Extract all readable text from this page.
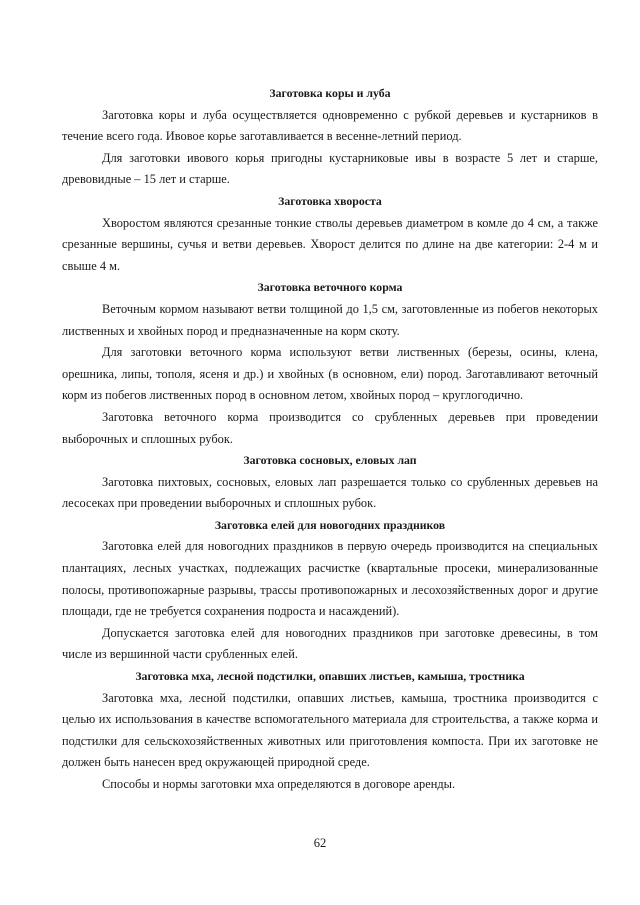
Заготовка коры и луба

Заготовка коры и луба осуществляется одновременно с рубкой деревьев и кустарников в течение всего года. Ивовое корье заготавливается в весенне-летний период.

Для заготовки ивового корья пригодны кустарниковые ивы в возрасте 5 лет и старше, древовидные – 15 лет и старше.

Заготовка хвороста

Хворостом являются срезанные тонкие стволы деревьев диаметром в комле до 4 см, а также срезанные вершины, сучья и ветви деревьев. Хворост делится по длине на две категории: 2-4 м и свыше 4 м.

Заготовка веточного корма

Веточным кормом называют ветви толщиной до 1,5 см, заготовленные из побегов некоторых лиственных и хвойных пород и предназначенные на корм скоту.

Для заготовки веточного корма используют ветви лиственных (березы, осины, клена, орешника, липы, тополя, ясеня и др.) и хвойных (в основном, ели) пород. Заготавливают веточный корм из побегов лиственных пород в основном летом, хвойных пород – круглогодично.

Заготовка веточного корма производится со срубленных деревьев при проведении выборочных и сплошных рубок.

Заготовка сосновых, еловых лап

Заготовка пихтовых, сосновых, еловых лап разрешается только со срубленных деревьев на лесосеках при проведении выборочных и сплошных рубок.

Заготовка елей для новогодних праздников

Заготовка елей для новогодних праздников в первую очередь производится на специальных плантациях, лесных участках, подлежащих расчистке (квартальные просеки, минерализованные полосы, противопожарные разрывы, трассы противопожарных и лесохозяйственных дорог и другие площади, где не требуется сохранения подроста и насаждений).

Допускается заготовка елей для новогодних праздников при заготовке древесины, в том числе из вершинной части срубленных елей.

Заготовка мха, лесной подстилки, опавших листьев, камыша, тростника

Заготовка мха, лесной подстилки, опавших листьев, камыша, тростника производится с целью их использования в качестве вспомогательного материала для строительства, а также корма и подстилки для сельскохозяйственных животных или приготовления компоста. При их заготовке не должен быть нанесен вред окружающей природной среде.

Способы и нормы заготовки мха определяются в договоре аренды.

62
